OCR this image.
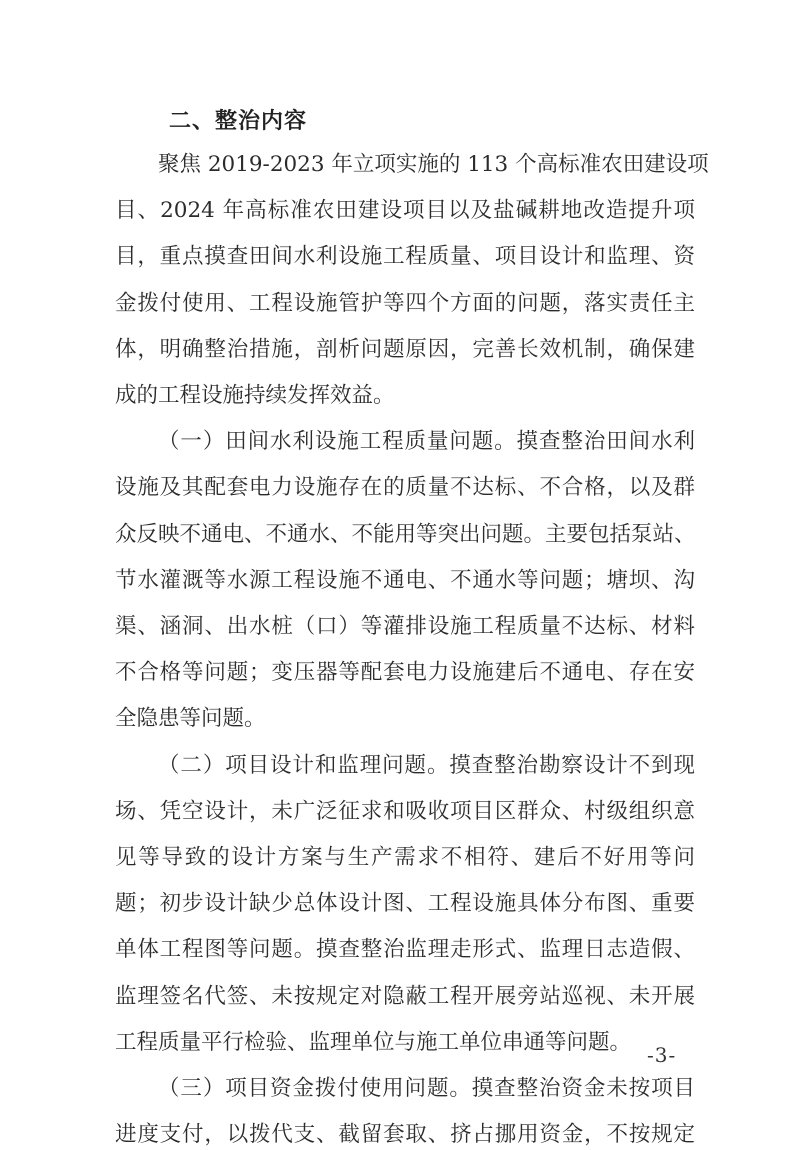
二、整治内容
聚焦 2019-2023 年立项实施的 113 个高标准农田建设项
目、2024 年高标准农田建设项目以及盐碱耕地改造提升项
目，重点摸查田间水利设施工程质量、项目设计和监理、资
金拨付使用、工程设施管护等四个方面的问题，落实责任主
体，明确整治措施，剖析问题原因，完善长效机制，确保建
成的工程设施持续发挥效益。
（一）田间水利设施工程质量问题。摸查整治田间水利
设施及其配套电力设施存在的质量不达标、不合格，以及群
众反映不通电、不通水、不能用等突出问题。主要包括泵站、
节水灌溉等水源工程设施不通电、不通水等问题；塘坝、沟
渠、涵洞、出水桩（口）等灌排设施工程质量不达标、材料
不合格等问题；变压器等配套电力设施建后不通电、存在安
全隐患等问题。
（二）项目设计和监理问题。摸查整治勘察设计不到现
场、凭空设计，未广泛征求和吸收项目区群众、村级组织意
见等导致的设计方案与生产需求不相符、建后不好用等问
题；初步设计缺少总体设计图、工程设施具体分布图、重要
单体工程图等问题。摸查整治监理走形式、监理日志造假、
监理签名代签、未按规定对隐蔽工程开展旁站巡视、未开展
工程质量平行检验、监理单位与施工单位串通等问题。
（三）项目资金拨付使用问题。摸查整治资金未按项目
进度支付，以拨代支、截留套取、挤占挪用资金，不按规定
-3-
